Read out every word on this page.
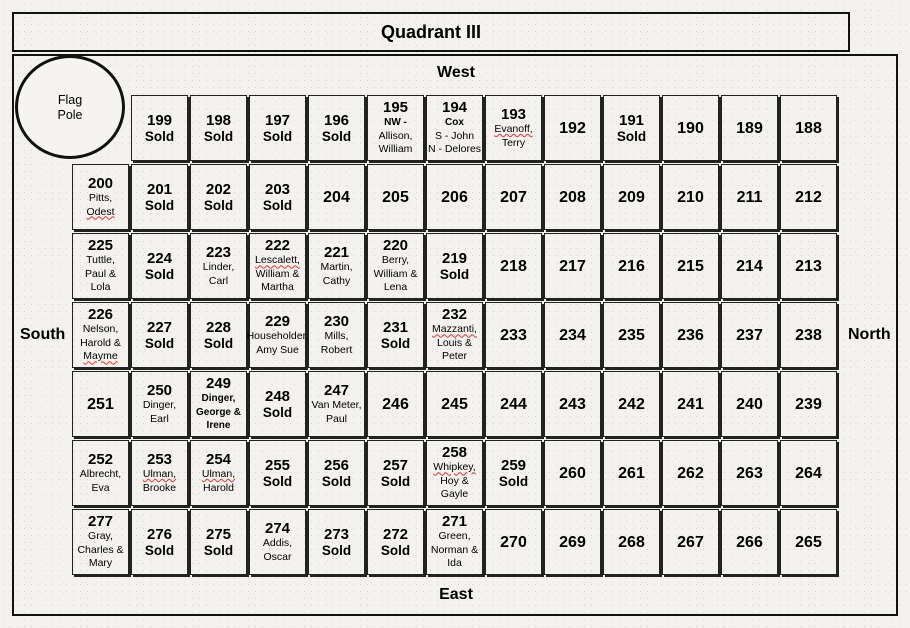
Quadrant III
West
East
South	North
Flag
Pole	199
Sold
198
Sold
197
Sold
196
Sold
195
NW -
Allison,
William
194
Cox
S - John
N - Delores
193
Evanoff,
Terry
192 191
Sold 190 189 188
200
Pitts,
Odest
201
Sold
202
Sold
203
Sold 204 205 206 207 208 209 210 211 212
225
Tuttle,
Paul &
Lola
224
Sold
223
Linder,
Carl
222
Lescalett,
William &
Martha
221
Martin,
Cathy
220
Berry,
William &
Lena
219
Sold 218 217 216 215 214 213
226
Nelson,
Harold &
Mayme
227
Sold
228
Sold
229
Householder,
Amy Sue
230
Mills,
Robert
231
Sold
232
Mazzanti,
Louis &
Peter
233 234 235 236 237 238
251
250
Dinger,
Earl
249
Dinger,
George &
Irene
248
Sold
247
Van Meter,
Paul
246 245 244 243 242 241 240 239
252
Albrecht,
Eva
253
Ulman,
Brooke
254
Ulman,
Harold
255
Sold
256
Sold
257
Sold
258
Whipkey,
Hoy &
Gayle
259
Sold 260 261 262 263 264
277
Gray,
Charles &
Mary
276
Sold
275
Sold
274
Addis,
Oscar
273
Sold
272
Sold
271
Green,
Norman &
Ida
270 269 268 267 266 265
